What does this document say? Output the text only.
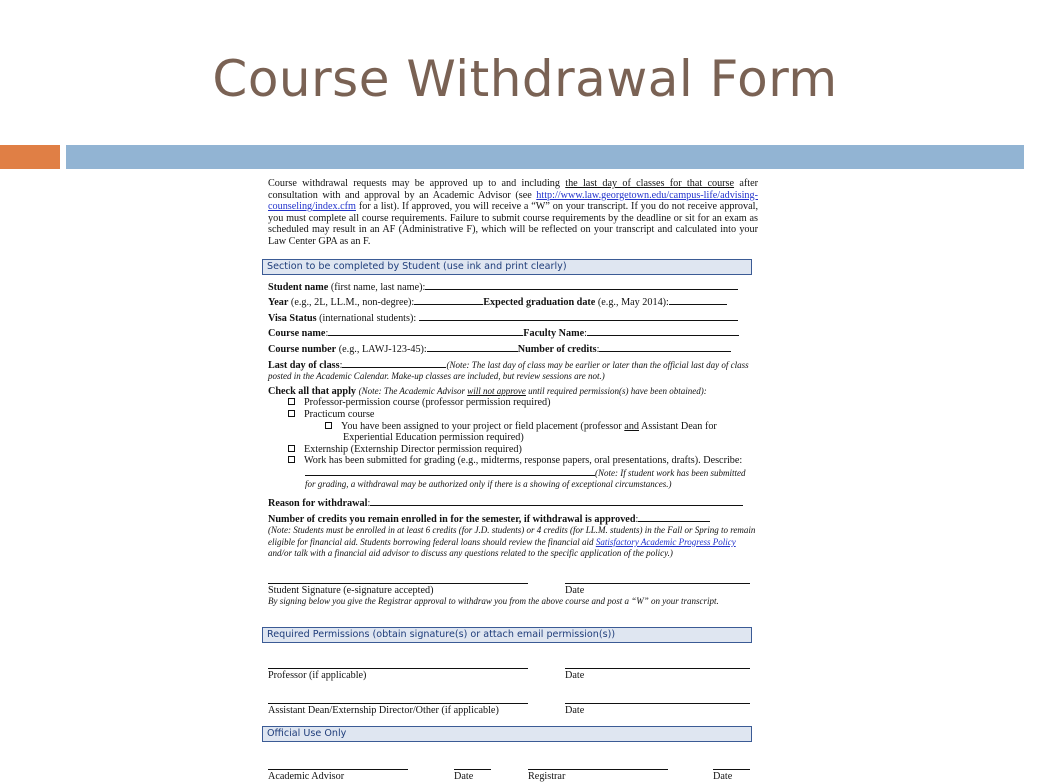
Course Withdrawal Form

Course withdrawal requests may be approved up to and including the last day of classes for that course after consultation with and approval by an Academic Advisor (see http://www.law.georgetown.edu/campus-life/advising-counseling/index.cfm for a list). If approved, you will receive a “W” on your transcript. If you do not receive approval, you must complete all course requirements. Failure to submit course requirements by the deadline or sit for an exam as scheduled may result in an AF (Administrative F), which will be reflected on your transcript and calculated into your Law Center GPA as an F.

Section to be completed by Student (use ink and print clearly)
Student name (first name, last name):
Year (e.g., 2L, LL.M., non-degree):	Expected graduation date (e.g., May 2014):
Visa Status (international students):
Course name:	Faculty Name:
Course number (e.g., LAWJ-123-45):	Number of credits:

Last day of class:	(Note: The last day of class may be earlier or later than the official last day of class posted in the Academic Calendar. Make-up classes are included, but review sessions are not.)

Check all that apply (Note: The Academic Advisor will not approve until required permission(s) have been obtained):

Professor-permission course (professor permission required)

Practicum course

You have been assigned to your project or field placement (professor and Assistant Dean for Experiential Education permission required)

Externship (Externship Director permission required)

Work has been submitted for grading (e.g., midterms, response papers, oral presentations, drafts). Describe:(Note: If student work has been submitted for grading, a withdrawal may be authorized only if there is a showing of exceptional circumstances.)

Reason for withdrawal:
Number of credits you remain enrolled in for the semester, if withdrawal is approved:

(Note: Students must be enrolled in at least 6 credits (for J.D. students) or 4 credits (for LL.M. students) in the Fall or Spring to remain eligible for financial aid. Students borrowing federal loans should review the financial aid Satisfactory Academic Progress Policy and/or talk with a financial aid advisor to discuss any questions related to the specific application of the policy.)

Student Signature (e-signature accepted)	Date

By signing below you give the Registrar approval to withdraw you from the above course and post a “W” on your transcript.

Required Permissions (obtain signature(s) or attach email permission(s))
Professor (if applicable)	Date
Assistant Dean/Externship Director/Other (if applicable)	Date
Official Use Only
Academic Advisor	Date	Registrar	Date
